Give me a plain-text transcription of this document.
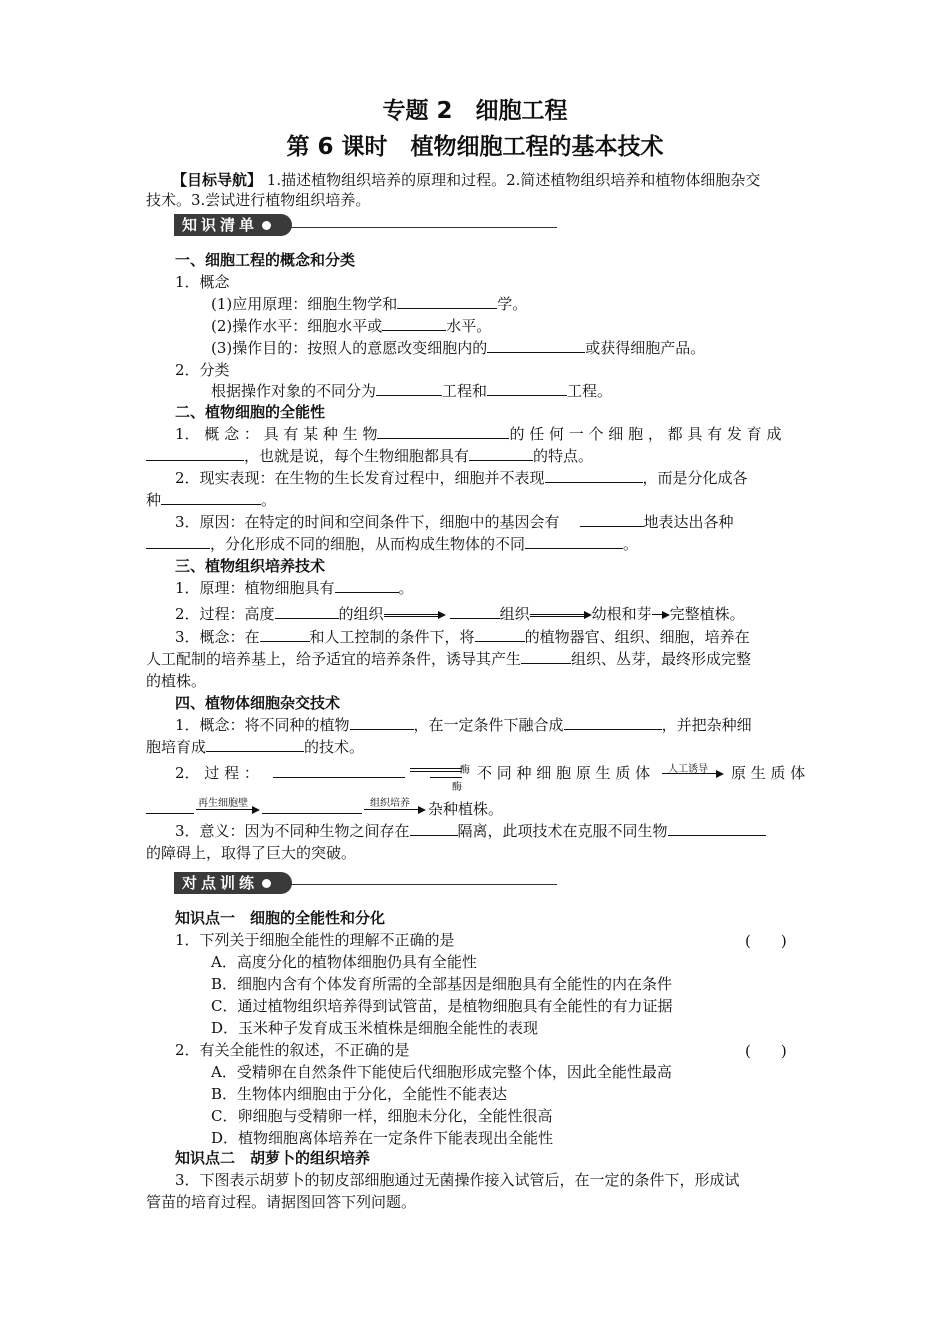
专题 2　细胞工程
第 6 课时　植物细胞工程的基本技术
【目标导航】 1.描述植物组织培养的原理和过程。2.简述植物组织培养和植物体细胞杂交
技术。3.尝试进行植物组织培养。
知识清单
一、细胞工程的概念和分类
1．概念
(1)应用原理：细胞生物学和	学。
(2)操作水平：细胞水平或	水平。
(3)操作目的：按照人的意愿改变细胞内的	或获得细胞产品。
2．分类
根据操作对象的不同分为	工程和	工程。
二、植物细胞的全能性
1． 概 念 ： 具 有 某 种 生 物	的 任 何 一 个 细 胞 ， 都 具 有 发 育 成
，也就是说，每个生物细胞都具有	的特点。
2．现实表现：在生物的生长发育过程中，细胞并不表现	，而是分化成各
种	。
3．原因：在特定的时间和空间条件下，细胞中的基因会有	地表达出各种
，分化形成不同的细胞，从而构成生物体的不同	。
三、植物组织培养技术
1．原理：植物细胞具有	。
2．过程：高度	的组织	组织	幼根和芽 完整植株。
3．概念：在	和人工控制的条件下，将	的植物器官、组织、细胞，培养在
人工配制的培养基上，给予适宜的培养条件，诱导其产生	组织、丛芽，最终形成完整
的植株。
四、植物体细胞杂交技术
1．概念：将不同种的植物	，在一定条件下融合成	，并把杂种细
胞培育成	的技术。
2． 过 程 ：	酶
酶
不 同 种 细 胞 原 生 质 体 人工诱导 原 生 质 体
再生细胞壁	组织培养 杂种植株。
3．意义：因为不同种生物之间存在	隔离，此项技术在克服不同生物
的障碍上，取得了巨大的突破。
对点训练
知识点一　细胞的全能性和分化
1．下列关于细胞全能性的理解不正确的是	(　　)
A．高度分化的植物体细胞仍具有全能性
B．细胞内含有个体发育所需的全部基因是细胞具有全能性的内在条件
C．通过植物组织培养得到试管苗，是植物细胞具有全能性的有力证据
D．玉米种子发育成玉米植株是细胞全能性的表现
2．有关全能性的叙述，不正确的是	(　　)
A．受精卵在自然条件下能使后代细胞形成完整个体，因此全能性最高
B．生物体内细胞由于分化，全能性不能表达
C．卵细胞与受精卵一样，细胞未分化，全能性很高
D．植物细胞离体培养在一定条件下能表现出全能性
知识点二　胡萝卜的组织培养
3．下图表示胡萝卜的韧皮部细胞通过无菌操作接入试管后，在一定的条件下，形成试
管苗的培育过程。请据图回答下列问题。
